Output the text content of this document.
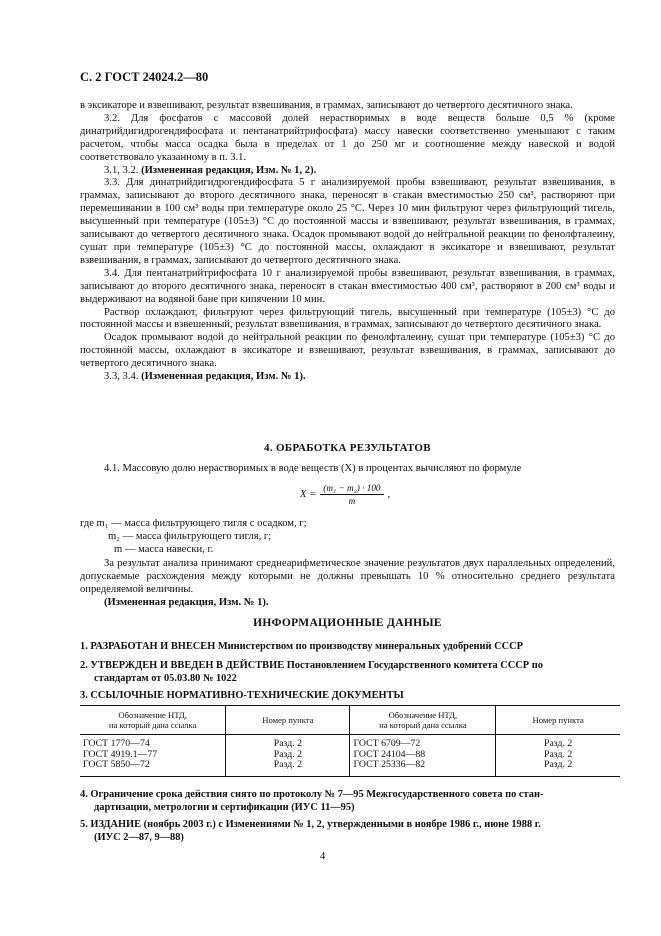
С. 2 ГОСТ 24024.2—80

в эксикаторе и взвешивают, результат взвешивания, в граммах, записывают до четвертого десятичного знака.

3.2. Для фосфатов с массовой долей нерастворимых в воде веществ больше 0,5 % (кроме динатрийдигидрогендифосфата и пентанатрийтрифосфата) массу навески соответственно уменьшают с таким расчетом, чтобы масса осадка была в пределах от 1 до 250 мг и соотношение между навеской и водой соответствовало указанному в п. 3.1.

3.1, 3.2. (Измененная редакция, Изм. № 1, 2).

3.3. Для динатрийдигидрогендифосфата 5 г анализируемой пробы взвешивают, результат взвешивания, в граммах, записывают до второго десятичного знака, переносят в стакан вместимостью 250 см³, растворяют при перемешивании в 100 см³ воды при температуре около 25 °С. Через 10 мин фильтруют через фильтрующий тигель, высушенный при температуре (105±3) °С до постоянной массы и взвешивают, результат взвешивания, в граммах, записывают до четвертого десятичного знака. Осадок промывают водой до нейтральной реакции по фенолфталеину, сушат при температуре (105±3) °С до постоянной массы, охлаждают в эксикаторе и взвешивают, результат взвешивания, в граммах, записывают до четвертого десятичного знака.

3.4. Для пентанатрийтрифосфата 10 г анализируемой пробы взвешивают, результат взвешивания, в граммах, записывают до второго десятичного знака, переносят в стакан вместимостью 400 см³, растворяют в 200 см³ воды и выдерживают на водяной бане при кипячении 10 мин.

Раствор охлаждают, фильтруют через фильтрующий тигель, высушенный при температуре (105±3) °С до постоянной массы и взвешенный, результат взвешивания, в граммах, записывают до четвертого десятичного знака.

Осадок промывают водой до нейтральной реакции по фенолфталеину, сушат при температуре (105±3) °С до постоянной массы, охлаждают в эксикаторе и взвешивают, результат взвешивания, в граммах, записывают до четвертого десятичного знака.

3.3, 3.4. (Измененная редакция, Изм. № 1).

4. ОБРАБОТКА РЕЗУЛЬТАТОВ

4.1. Массовую долю нерастворимых в воде веществ (X) в процентах вычисляют по формуле

$X = \frac{\text{(m₁ − m₂) · 100}}{m}$ ,
где m₁ — масса фильтрующего тигля с осадком, г;
m₂ — масса фильтрующего тигля, г;
m — масса навески, г.

За результат анализа принимают среднеарифметическое значение результатов двух параллельных определений, допускаемые расхождения между которыми не должны превышать 10 % относительно среднего результата определяемой величины.

(Измененная редакция, Изм. № 1).

ИНФОРМАЦИОННЫЕ ДАННЫЕ

1. РАЗРАБОТАН И ВНЕСЕН Министерством по производству минеральных удобрений СССР
2. УТВЕРЖДЕН И ВВЕДЕН В ДЕЙСТВИЕ Постановлением Государственного комитета СССР по
стандартам от 05.03.80 № 1022
3. ССЫЛОЧНЫЕ НОРМАТИВНО-ТЕХНИЧЕСКИЕ ДОКУМЕНТЫ
Обозначение НТД,
на который дана ссылка	Номер пункта	Обозначение НТД,
на который дана ссылка	Номер пункта
ГОСТ 1770—74	Разд. 2	ГОСТ 6709—72	Разд. 2
ГОСТ 4919.1—77	Разд. 2	ГОСТ 24104—88	Разд. 2
ГОСТ 5850—72	Разд. 2	ГОСТ 25336—82	Разд. 2
4. Ограничение срока действия снято по протоколу № 7—95 Межгосударственного совета по стан-
дартизации, метрологии и сертификации (ИУС 11—95)
5. ИЗДАНИЕ (ноябрь 2003 г.) с Изменениями № 1, 2, утвержденными в ноябре 1986 г., июне 1988 г.
(ИУС 2—87, 9—88)
4
